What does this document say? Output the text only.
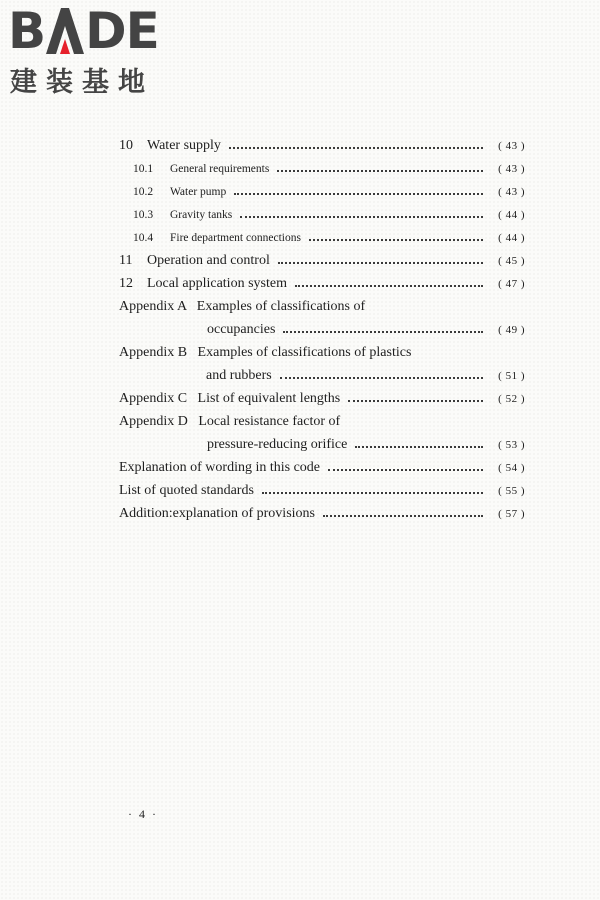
B DE
建装基地
10	Water supply	( 43 )
10.1	General requirements	( 43 )
10.2	Water pump	( 43 )
10.3	Gravity tanks	( 44 )
10.4	Fire department connections	( 44 )
11	Operation and control	( 45 )
12	Local application system	( 47 )
Appendix A   Examples of classifications of
occupancies	( 49 )
Appendix B   Examples of classifications of plastics
and rubbers	( 51 )
Appendix C   List of equivalent lengths	( 52 )
Appendix D   Local resistance factor of
pressure-reducing orifice	( 53 )
Explanation of wording in this code	( 54 )
List of quoted standards	( 55 )
Addition:explanation of provisions	( 57 )
· 4 ·
